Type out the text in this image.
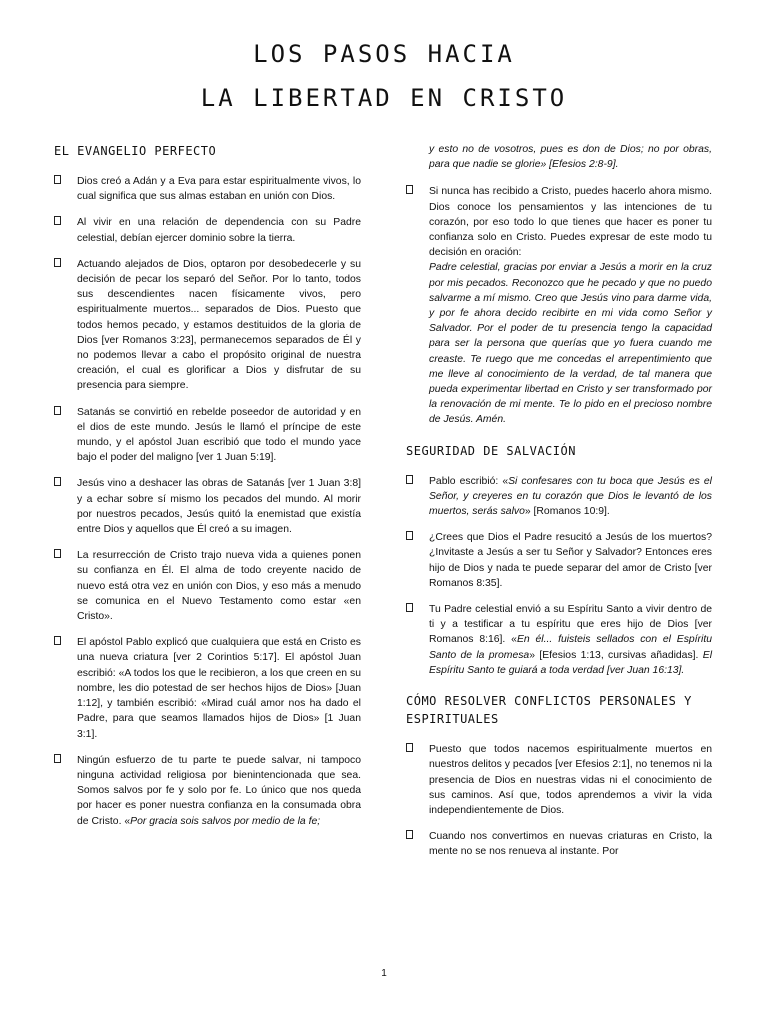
LOS PASOS HACIA
LA LIBERTAD EN CRISTO
EL EVANGELIO PERFECTO

Dios creó a Adán y a Eva para estar espiritualmente vivos, lo cual significa que sus almas estaban en unión con Dios.

Al vivir en una relación de dependencia con su Padre celestial, debían ejercer dominio sobre la tierra.

Actuando alejados de Dios, optaron por desobedecerle y su decisión de pecar los separó del Señor. Por lo tanto, todos sus descendientes nacen físicamente vivos, pero espiritualmente muertos... separados de Dios. Puesto que todos hemos pecado, y estamos destituidos de la gloria de Dios [ver Romanos 3:23], permanecemos separados de Él y no podemos llevar a cabo el propósito original de nuestra creación, el cual es glorificar a Dios y disfrutar de su presencia para siempre.

Satanás se convirtió en rebelde poseedor de autoridad y en el dios de este mundo. Jesús le llamó el príncipe de este mundo, y el apóstol Juan escribió que todo el mundo yace bajo el poder del maligno [ver 1 Juan 5:19].

Jesús vino a deshacer las obras de Satanás [ver 1 Juan 3:8] y a echar sobre sí mismo los pecados del mundo. Al morir por nuestros pecados, Jesús quitó la enemistad que existía entre Dios y aquellos que Él creó a su imagen.

La resurrección de Cristo trajo nueva vida a quienes ponen su confianza en Él. El alma de todo creyente nacido de nuevo está otra vez en unión con Dios, y eso más a menudo se comunica en el Nuevo Testamento como estar «en Cristo».

El apóstol Pablo explicó que cualquiera que está en Cristo es una nueva criatura [ver 2 Corintios 5:17]. El apóstol Juan escribió: «A todos los que le recibieron, a los que creen en su nombre, les dio potestad de ser hechos hijos de Dios» [Juan 1:12], y también escribió: «Mirad cuál amor nos ha dado el Padre, para que seamos llamados hijos de Dios» [1 Juan 3:1].

Ningún esfuerzo de tu parte te puede salvar, ni tampoco ninguna actividad religiosa por bienintencionada que sea. Somos salvos por fe y solo por fe. Lo único que nos queda por hacer es poner nuestra confianza en la consumada obra de Cristo. «Por gracia sois salvos por medio de la fe;

y esto no de vosotros, pues es don de Dios; no por obras, para que nadie se glorie» [Efesios 2:8-9].

Si nunca has recibido a Cristo, puedes hacerlo ahora mismo. Dios conoce los pensamientos y las intenciones de tu corazón, por eso todo lo que tienes que hacer es poner tu confianza solo en Cristo. Puedes expresar de este modo tu decisión en oración:
Padre celestial, gracias por enviar a Jesús a morir en la cruz por mis pecados. Reconozco que he pecado y que no puedo salvarme a mí mismo. Creo que Jesús vino para darme vida, y por fe ahora decido recibirte en mi vida como Señor y Salvador. Por el poder de tu presencia tengo la capacidad para ser la persona que querías que yo fuera cuando me creaste. Te ruego que me concedas el arrepentimiento que me lleve al conocimiento de la verdad, de tal manera que pueda experimentar libertad en Cristo y ser transformado por la renovación de mi mente. Te lo pido en el precioso nombre de Jesús. Amén.

SEGURIDAD DE SALVACIÓN

Pablo escribió: «Si confesares con tu boca que Jesús es el Señor, y creyeres en tu corazón que Dios le levantó de los muertos, serás salvo» [Romanos 10:9].

¿Crees que Dios el Padre resucitó a Jesús de los muertos? ¿Invitaste a Jesús a ser tu Señor y Salvador? Entonces eres hijo de Dios y nada te puede separar del amor de Cristo [ver Romanos 8:35].

Tu Padre celestial envió a su Espíritu Santo a vivir dentro de ti y a testificar a tu espíritu que eres hijo de Dios [ver Romanos 8:16]. «En él... fuisteis sellados con el Espíritu Santo de la promesa» [Efesios 1:13, cursivas añadidas]. El Espíritu Santo te guiará a toda verdad [ver Juan 16:13].

CÓMO RESOLVER CONFLICTOS PERSONALES Y ESPIRITUALES

Puesto que todos nacemos espiritualmente muertos en nuestros delitos y pecados [ver Efesios 2:1], no tenemos ni la presencia de Dios en nuestras vidas ni el conocimiento de sus caminos. Así que, todos aprendemos a vivir la vida independientemente de Dios.

Cuando nos convertimos en nuevas criaturas en Cristo, la mente no se nos renueva al instante. Por

1
